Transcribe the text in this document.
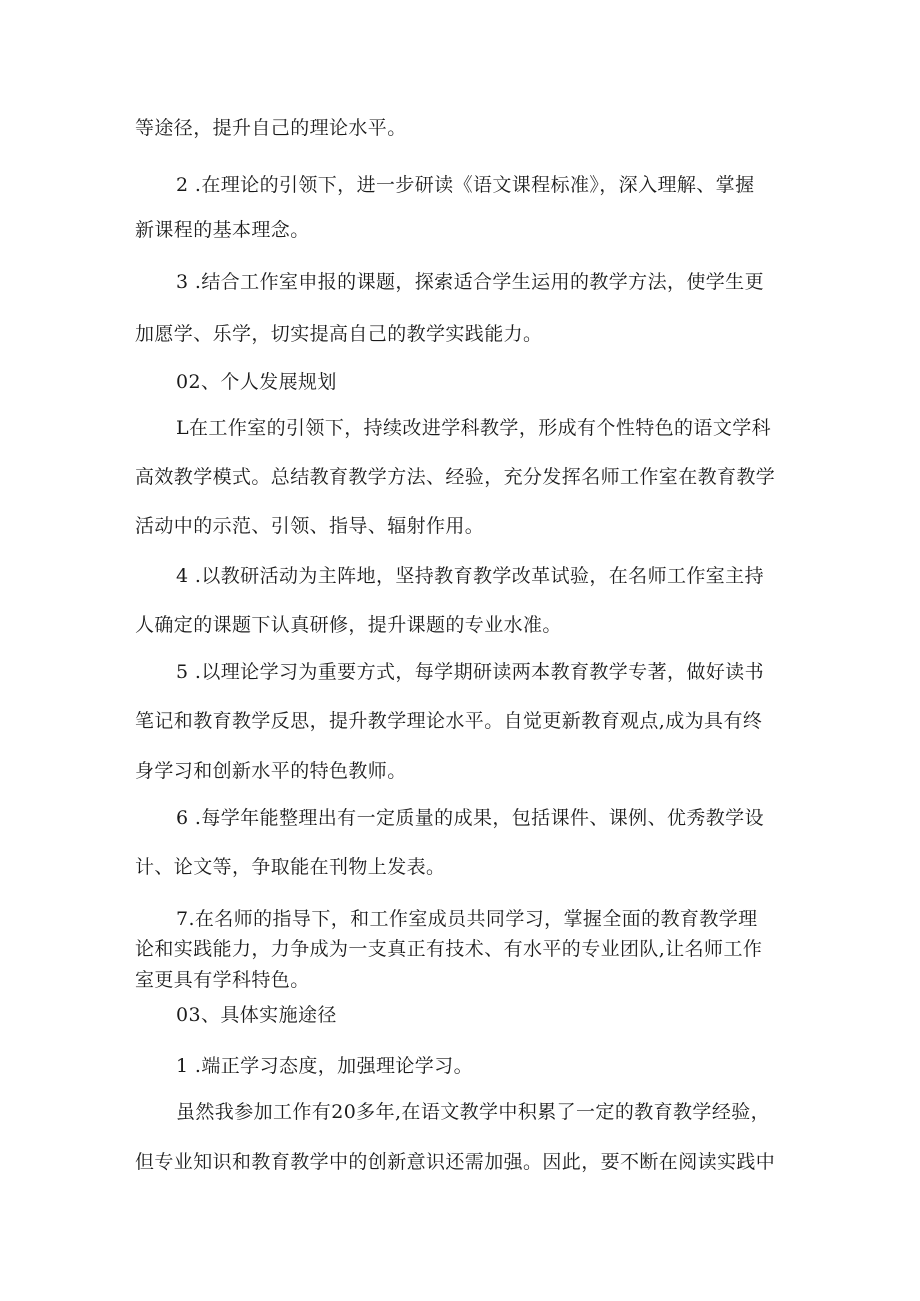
等途径，提升自己的理论水平。
2 .在理论的引领下，进一步研读《语文课程标准》，深入理解、掌握
新课程的基本理念。
3 .结合工作室申报的课题，探索适合学生运用的教学方法，使学生更
加愿学、乐学，切实提高自己的教学实践能力。
02、个人发展规划
L在工作室的引领下，持续改进学科教学，形成有个性特色的语文学科
高效教学模式。总结教育教学方法、经验，充分发挥名师工作室在教育教学
活动中的示范、引领、指导、辐射作用。
4 .以教研活动为主阵地，坚持教育教学改革试验，在名师工作室主持
人确定的课题下认真研修，提升课题的专业水准。
5 .以理论学习为重要方式，每学期研读两本教育教学专著，做好读书
笔记和教育教学反思，提升教学理论水平。自觉更新教育观点,成为具有终
身学习和创新水平的特色教师。
6 .每学年能整理出有一定质量的成果，包括课件、课例、优秀教学设
计、论文等，争取能在刊物上发表。
7.在名师的指导下，和工作室成员共同学习，掌握全面的教育教学理
论和实践能力，力争成为一支真正有技术、有水平的专业团队,让名师工作
室更具有学科特色。
03、具体实施途径
1 .端正学习态度，加强理论学习。
虽然我参加工作有20多年,在语文教学中积累了一定的教育教学经验，
但专业知识和教育教学中的创新意识还需加强。因此，要不断在阅读实践中
